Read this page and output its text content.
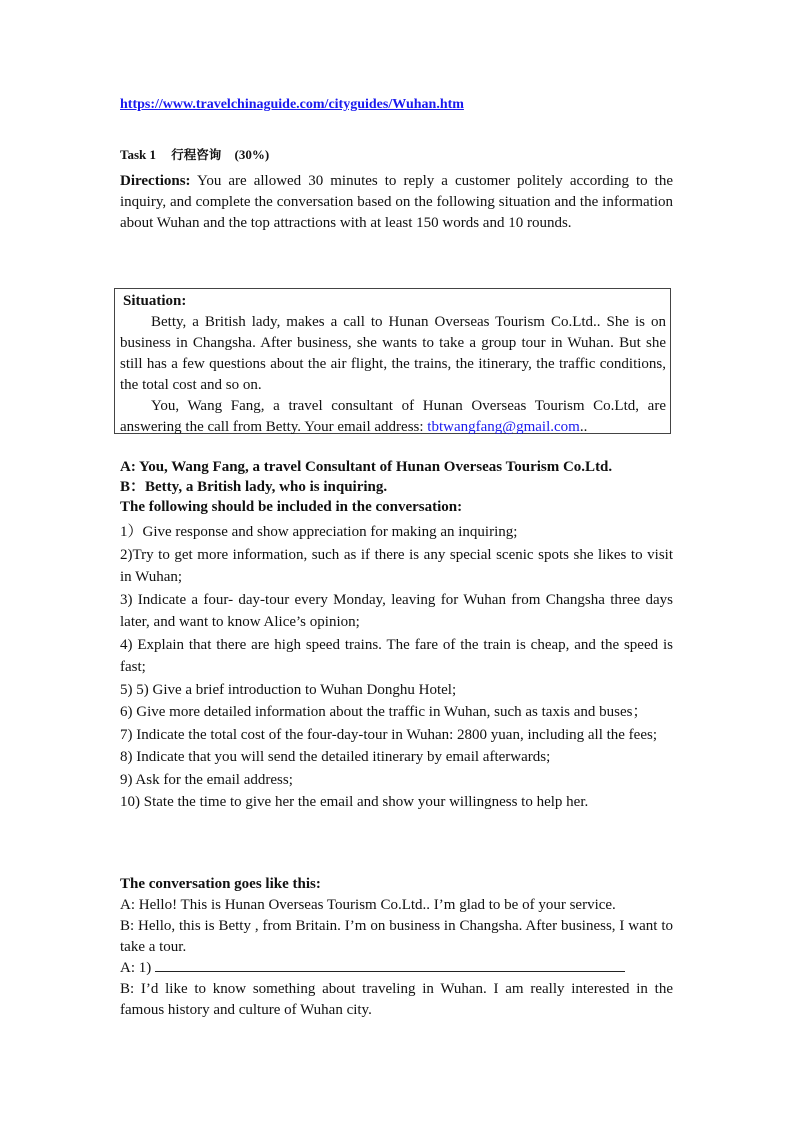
https://www.travelchinaguide.com/cityguides/Wuhan.htm
Task 1 行程咨询 (30%)
Directions: You are allowed 30 minutes to reply a customer politely according to the inquiry, and complete the conversation based on the following situation and the information about Wuhan and the top attractions with at least 150 words and 10 rounds.
Situation:

Betty, a British lady, makes a call to Hunan Overseas Tourism Co.Ltd.. She is on business in Changsha. After business, she wants to take a group tour in Wuhan. But she still has a few questions about the air flight, the trains, the itinerary, the traffic conditions, the total cost and so on.

You, Wang Fang, a travel consultant of Hunan Overseas Tourism Co.Ltd, are answering the call from Betty. Your email address: tbtwangfang@gmail.com..

A: You, Wang Fang, a travel Consultant of Hunan Overseas Tourism Co.Ltd.
B：Betty, a British lady, who is inquiring.
The following should be included in the conversation:

1）Give response and show appreciation for making an inquiring;

2)Try to get more information, such as if there is any special scenic spots she likes to visit in Wuhan;

3) Indicate a four- day-tour every Monday, leaving for Wuhan from Changsha three days later, and want to know Alice’s opinion;

4) Explain that there are high speed trains. The fare of the train is cheap, and the speed is fast;

5) 5) Give a brief introduction to Wuhan Donghu Hotel;

6) Give more detailed information about the traffic in Wuhan, such as taxis and buses；

7) Indicate the total cost of the four-day-tour in Wuhan: 2800 yuan, including all the fees;

8) Indicate that you will send the detailed itinerary by email afterwards;

9) Ask for the email address;

10) State the time to give her the email and show your willingness to help her.

The conversation goes like this:
A: Hello! This is Hunan Overseas Tourism Co.Ltd.. I’m glad to be of your service.
B: Hello, this is Betty , from Britain. I’m on business in Changsha. After business, I want to take a tour.
A: 1)
B: I’d like to know something about traveling in Wuhan. I am really interested in the famous history and culture of Wuhan city.
